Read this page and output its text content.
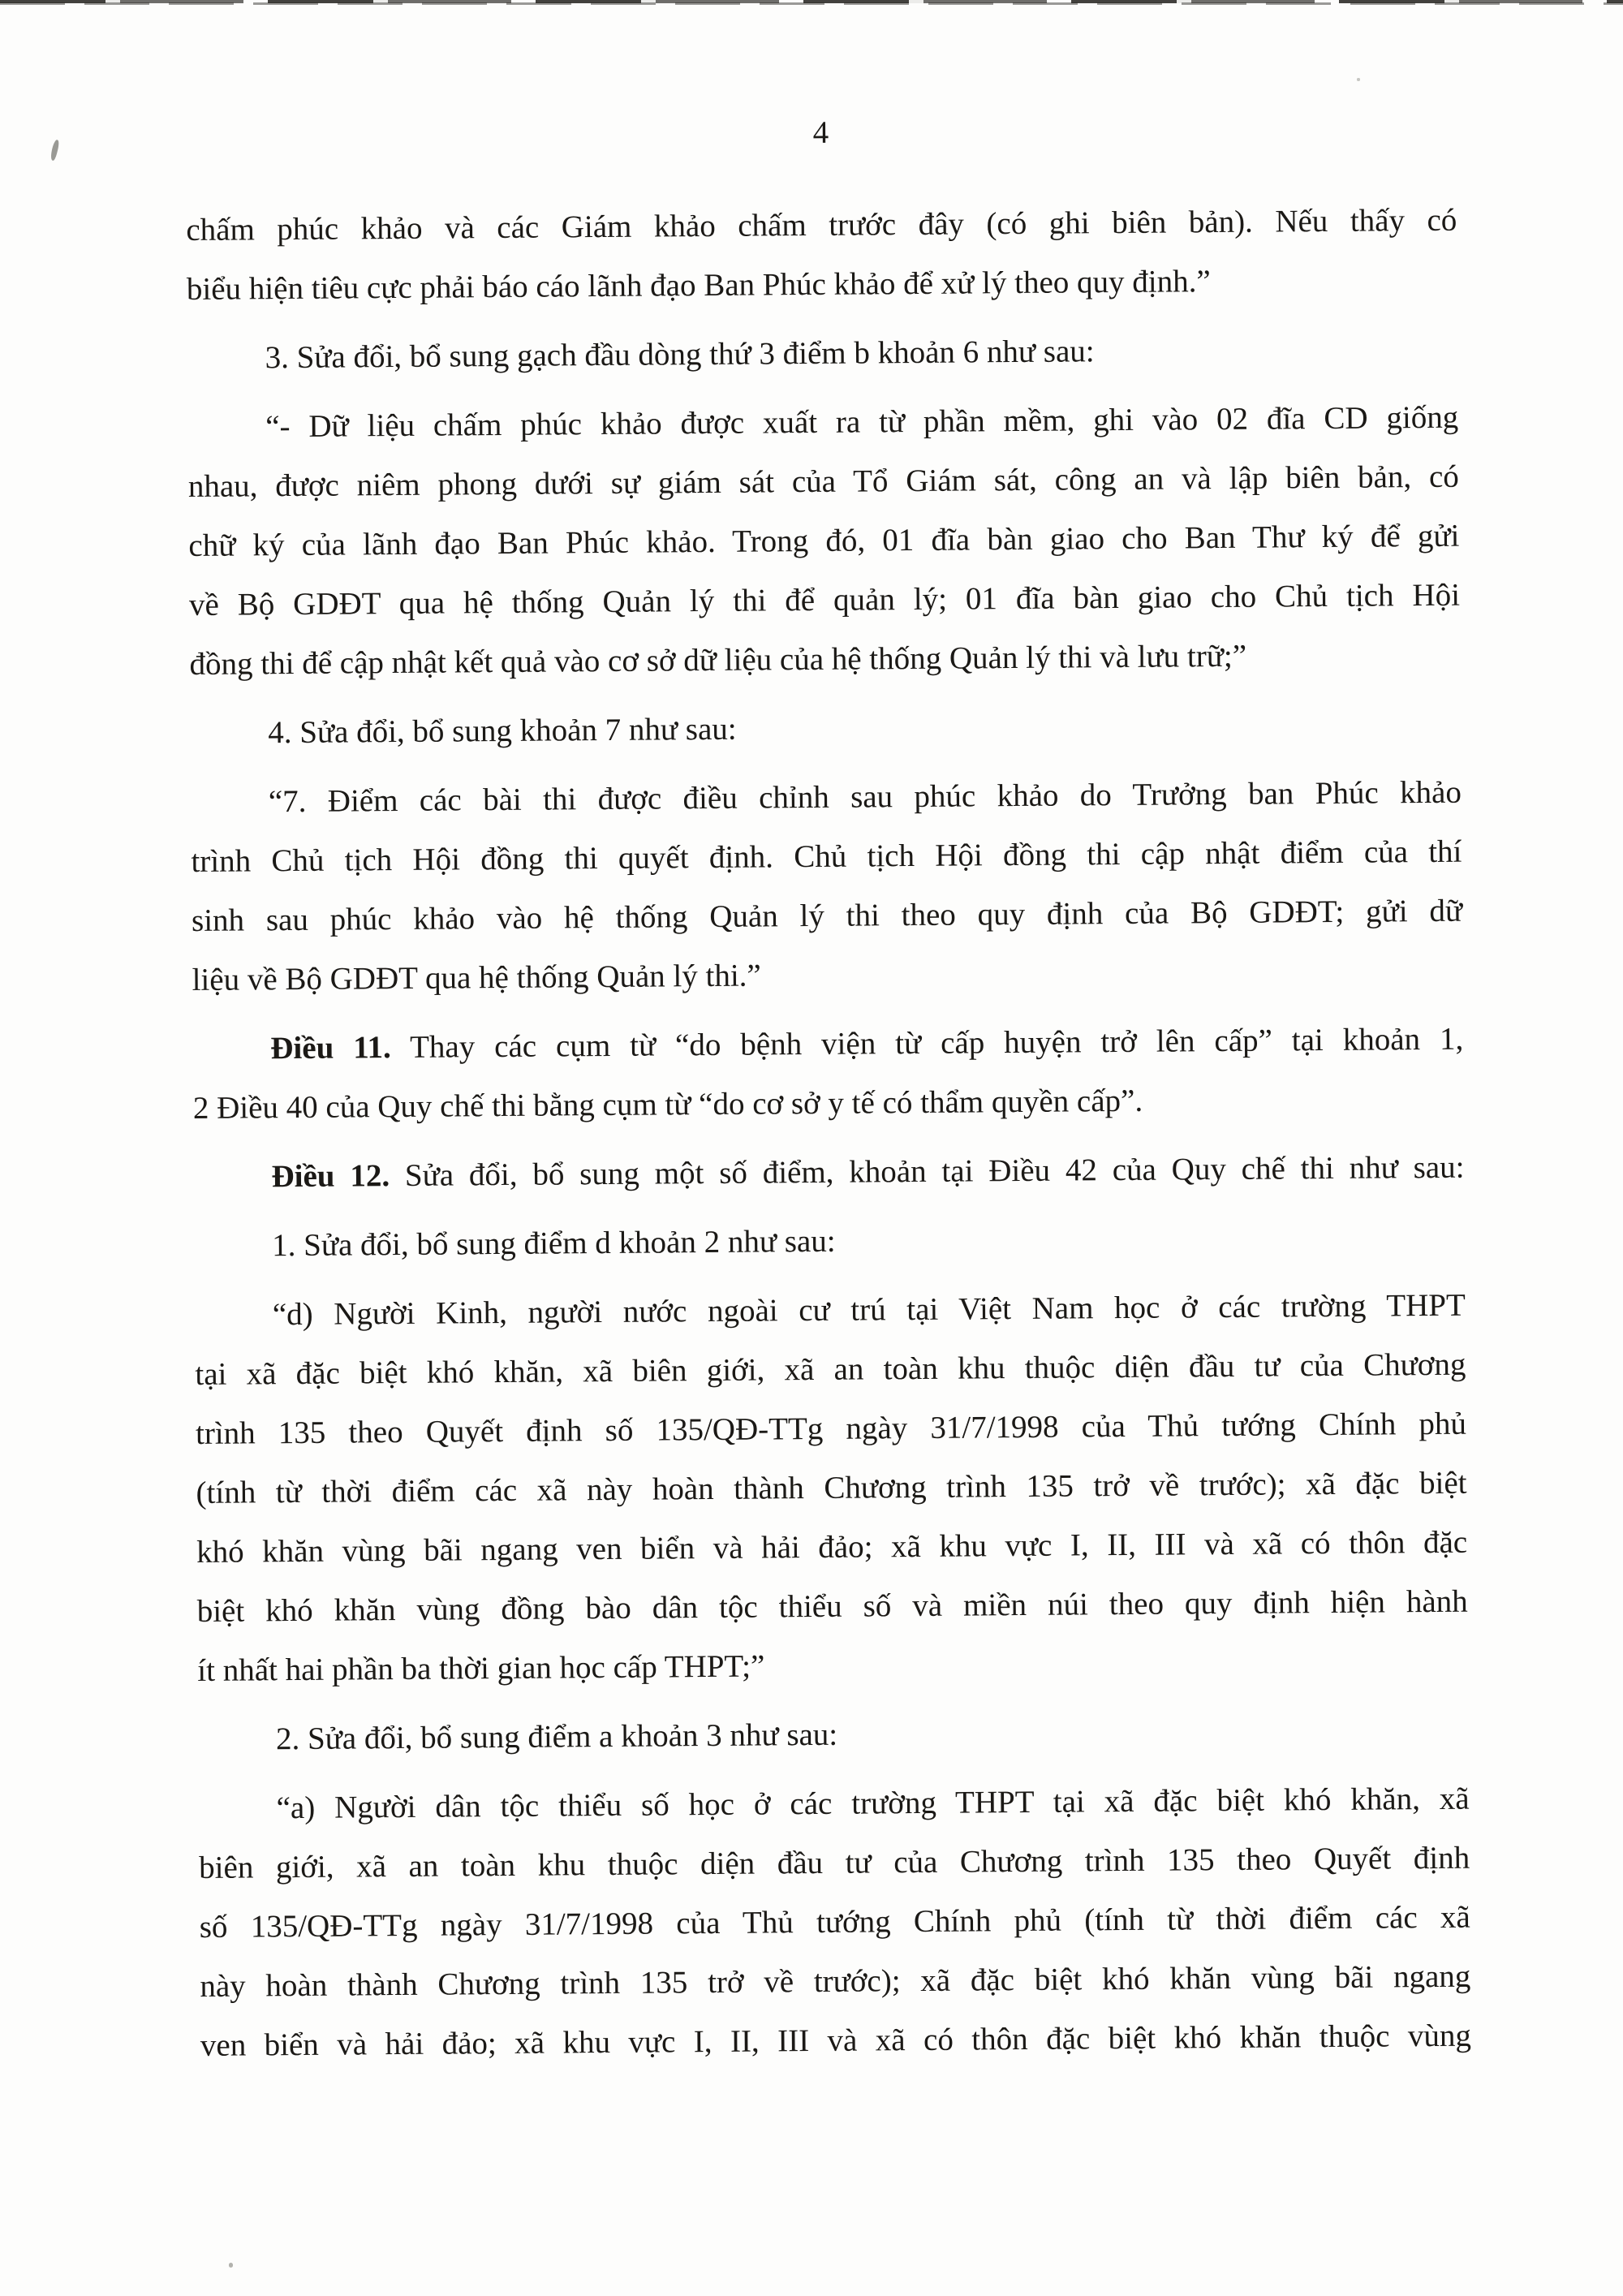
4
chấm phúc khảo và các Giám khảo chấm trước đây (có ghi biên bản). Nếu thấy có
biểu hiện tiêu cực phải báo cáo lãnh đạo Ban Phúc khảo để xử lý theo quy định.”
3. Sửa đổi, bổ sung gạch đầu dòng thứ 3 điểm b khoản 6 như sau:
“- Dữ liệu chấm phúc khảo được xuất ra từ phần mềm, ghi vào 02 đĩa CD giống
nhau, được niêm phong dưới sự giám sát của Tổ Giám sát, công an và lập biên bản, có
chữ ký của lãnh đạo Ban Phúc khảo. Trong đó, 01 đĩa bàn giao cho Ban Thư ký để gửi
về Bộ GDĐT qua hệ thống Quản lý thi để quản lý; 01 đĩa bàn giao cho Chủ tịch Hội
đồng thi để cập nhật kết quả vào cơ sở dữ liệu của hệ thống Quản lý thi và lưu trữ;”
4. Sửa đổi, bổ sung khoản 7 như sau:
“7. Điểm các bài thi được điều chỉnh sau phúc khảo do Trưởng ban Phúc khảo
trình Chủ tịch Hội đồng thi quyết định. Chủ tịch Hội đồng thi cập nhật điểm của thí
sinh sau phúc khảo vào hệ thống Quản lý thi theo quy định của Bộ GDĐT; gửi dữ
liệu về Bộ GDĐT qua hệ thống Quản lý thi.”
Điều 11. Thay các cụm từ “do bệnh viện từ cấp huyện trở lên cấp” tại khoản 1,
2 Điều 40 của Quy chế thi bằng cụm từ “do cơ sở y tế có thẩm quyền cấp”.
Điều 12. Sửa đổi, bổ sung một số điểm, khoản tại Điều 42 của Quy chế thi như sau:
1. Sửa đổi, bổ sung điểm d khoản 2 như sau:
“d) Người Kinh, người nước ngoài cư trú tại Việt Nam học ở các trường THPT
tại xã đặc biệt khó khăn, xã biên giới, xã an toàn khu thuộc diện đầu tư của Chương
trình 135 theo Quyết định số 135/QĐ-TTg ngày 31/7/1998 của Thủ tướng Chính phủ
(tính từ thời điểm các xã này hoàn thành Chương trình 135 trở về trước); xã đặc biệt
khó khăn vùng bãi ngang ven biển và hải đảo; xã khu vực I, II, III và xã có thôn đặc
biệt khó khăn vùng đồng bào dân tộc thiểu số và miền núi theo quy định hiện hành
ít nhất hai phần ba thời gian học cấp THPT;”
2. Sửa đổi, bổ sung điểm a khoản 3 như sau:
“a) Người dân tộc thiểu số học ở các trường THPT tại xã đặc biệt khó khăn, xã
biên giới, xã an toàn khu thuộc diện đầu tư của Chương trình 135 theo Quyết định
số 135/QĐ-TTg ngày 31/7/1998 của Thủ tướng Chính phủ (tính từ thời điểm các xã
này hoàn thành Chương trình 135 trở về trước); xã đặc biệt khó khăn vùng bãi ngang
ven biển và hải đảo; xã khu vực I, II, III và xã có thôn đặc biệt khó khăn thuộc vùng
